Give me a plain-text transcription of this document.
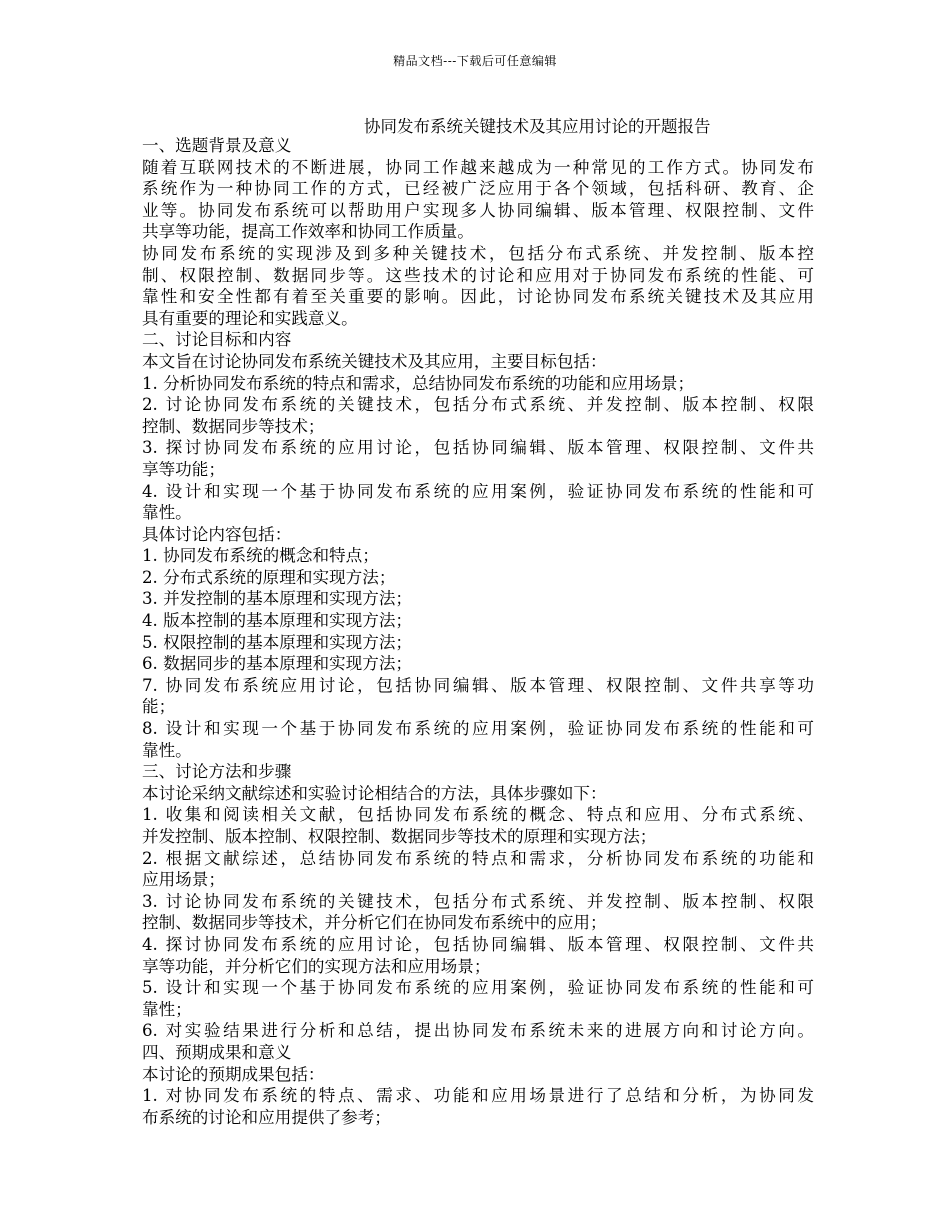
精品文档---下载后可任意编辑
协同发布系统关键技术及其应用讨论的开题报告
一、选题背景及意义
随着互联网技术的不断进展，协同工作越来越成为一种常见的工作方式。协同发布
系统作为一种协同工作的方式，已经被广泛应用于各个领域，包括科研、教育、企
业等。协同发布系统可以帮助用户实现多人协同编辑、版本管理、权限控制、文件
共享等功能，提高工作效率和协同工作质量。
协同发布系统的实现涉及到多种关键技术，包括分布式系统、并发控制、版本控
制、权限控制、数据同步等。这些技术的讨论和应用对于协同发布系统的性能、可
靠性和安全性都有着至关重要的影响。因此，讨论协同发布系统关键技术及其应用
具有重要的理论和实践意义。
二、讨论目标和内容
本文旨在讨论协同发布系统关键技术及其应用，主要目标包括：
1. 分析协同发布系统的特点和需求，总结协同发布系统的功能和应用场景；
2. 讨论协同发布系统的关键技术，包括分布式系统、并发控制、版本控制、权限
控制、数据同步等技术；
3. 探讨协同发布系统的应用讨论，包括协同编辑、版本管理、权限控制、文件共
享等功能；
4. 设计和实现一个基于协同发布系统的应用案例，验证协同发布系统的性能和可
靠性。
具体讨论内容包括：
1. 协同发布系统的概念和特点；
2. 分布式系统的原理和实现方法；
3. 并发控制的基本原理和实现方法；
4. 版本控制的基本原理和实现方法；
5. 权限控制的基本原理和实现方法；
6. 数据同步的基本原理和实现方法；
7. 协同发布系统应用讨论，包括协同编辑、版本管理、权限控制、文件共享等功
能；
8. 设计和实现一个基于协同发布系统的应用案例，验证协同发布系统的性能和可
靠性。
三、讨论方法和步骤
本讨论采纳文献综述和实验讨论相结合的方法，具体步骤如下：
1. 收集和阅读相关文献，包括协同发布系统的概念、特点和应用、分布式系统、
并发控制、版本控制、权限控制、数据同步等技术的原理和实现方法；
2. 根据文献综述，总结协同发布系统的特点和需求，分析协同发布系统的功能和
应用场景；
3. 讨论协同发布系统的关键技术，包括分布式系统、并发控制、版本控制、权限
控制、数据同步等技术，并分析它们在协同发布系统中的应用；
4. 探讨协同发布系统的应用讨论，包括协同编辑、版本管理、权限控制、文件共
享等功能，并分析它们的实现方法和应用场景；
5. 设计和实现一个基于协同发布系统的应用案例，验证协同发布系统的性能和可
靠性；
6. 对实验结果进行分析和总结，提出协同发布系统未来的进展方向和讨论方向。
四、预期成果和意义
本讨论的预期成果包括：
1. 对协同发布系统的特点、需求、功能和应用场景进行了总结和分析，为协同发
布系统的讨论和应用提供了参考；
